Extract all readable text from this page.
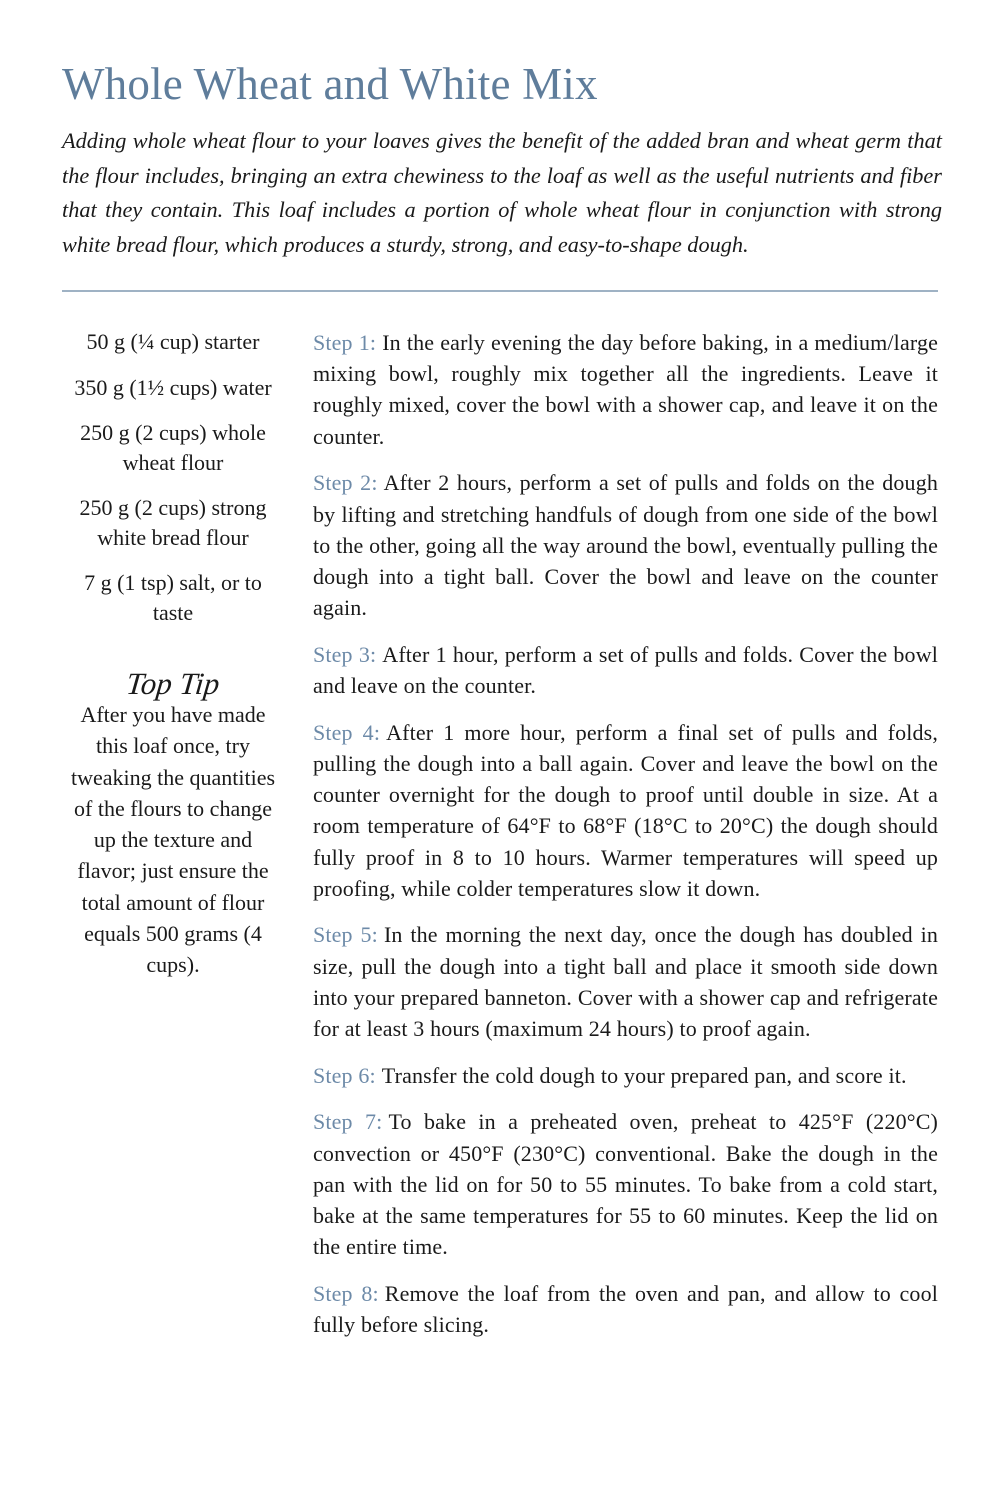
Whole Wheat and White Mix

Adding whole wheat flour to your loaves gives the benefit of the added bran and wheat germ that the flour includes, bringing an extra chewiness to the loaf as well as the useful nutrients and fiber that they contain. This loaf includes a portion of whole wheat flour in conjunction with strong white bread flour, which produces a sturdy, strong, and easy-to-shape dough.

50 g (¼ cup) starter

350 g (1½ cups) water

250 g (2 cups) whole wheat flour

250 g (2 cups) strong white bread flour

7 g (1 tsp) salt, or to taste

Top Tip

After you have made this loaf once, try tweaking the quantities of the flours to change up the texture and flavor; just ensure the total amount of flour equals 500 grams (4 cups).

Step 1: In the early evening the day before baking, in a medium/large mixing bowl, roughly mix together all the ingredients. Leave it roughly mixed, cover the bowl with a shower cap, and leave it on the counter.

Step 2: After 2 hours, perform a set of pulls and folds on the dough by lifting and stretching handfuls of dough from one side of the bowl to the other, going all the way around the bowl, eventually pulling the dough into a tight ball. Cover the bowl and leave on the counter again.

Step 3: After 1 hour, perform a set of pulls and folds. Cover the bowl and leave on the counter.

Step 4: After 1 more hour, perform a final set of pulls and folds, pulling the dough into a ball again. Cover and leave the bowl on the counter overnight for the dough to proof until double in size. At a room temperature of 64°F to 68°F (18°C to 20°C) the dough should fully proof in 8 to 10 hours. Warmer temperatures will speed up proofing, while colder temperatures slow it down.

Step 5: In the morning the next day, once the dough has doubled in size, pull the dough into a tight ball and place it smooth side down into your prepared banneton. Cover with a shower cap and refrigerate for at least 3 hours (maximum 24 hours) to proof again.

Step 6: Transfer the cold dough to your prepared pan, and score it.

Step 7: To bake in a preheated oven, preheat to 425°F (220°C) convection or 450°F (230°C) conventional. Bake the dough in the pan with the lid on for 50 to 55 minutes. To bake from a cold start, bake at the same temperatures for 55 to 60 minutes. Keep the lid on the entire time.

Step 8: Remove the loaf from the oven and pan, and allow to cool fully before slicing.
